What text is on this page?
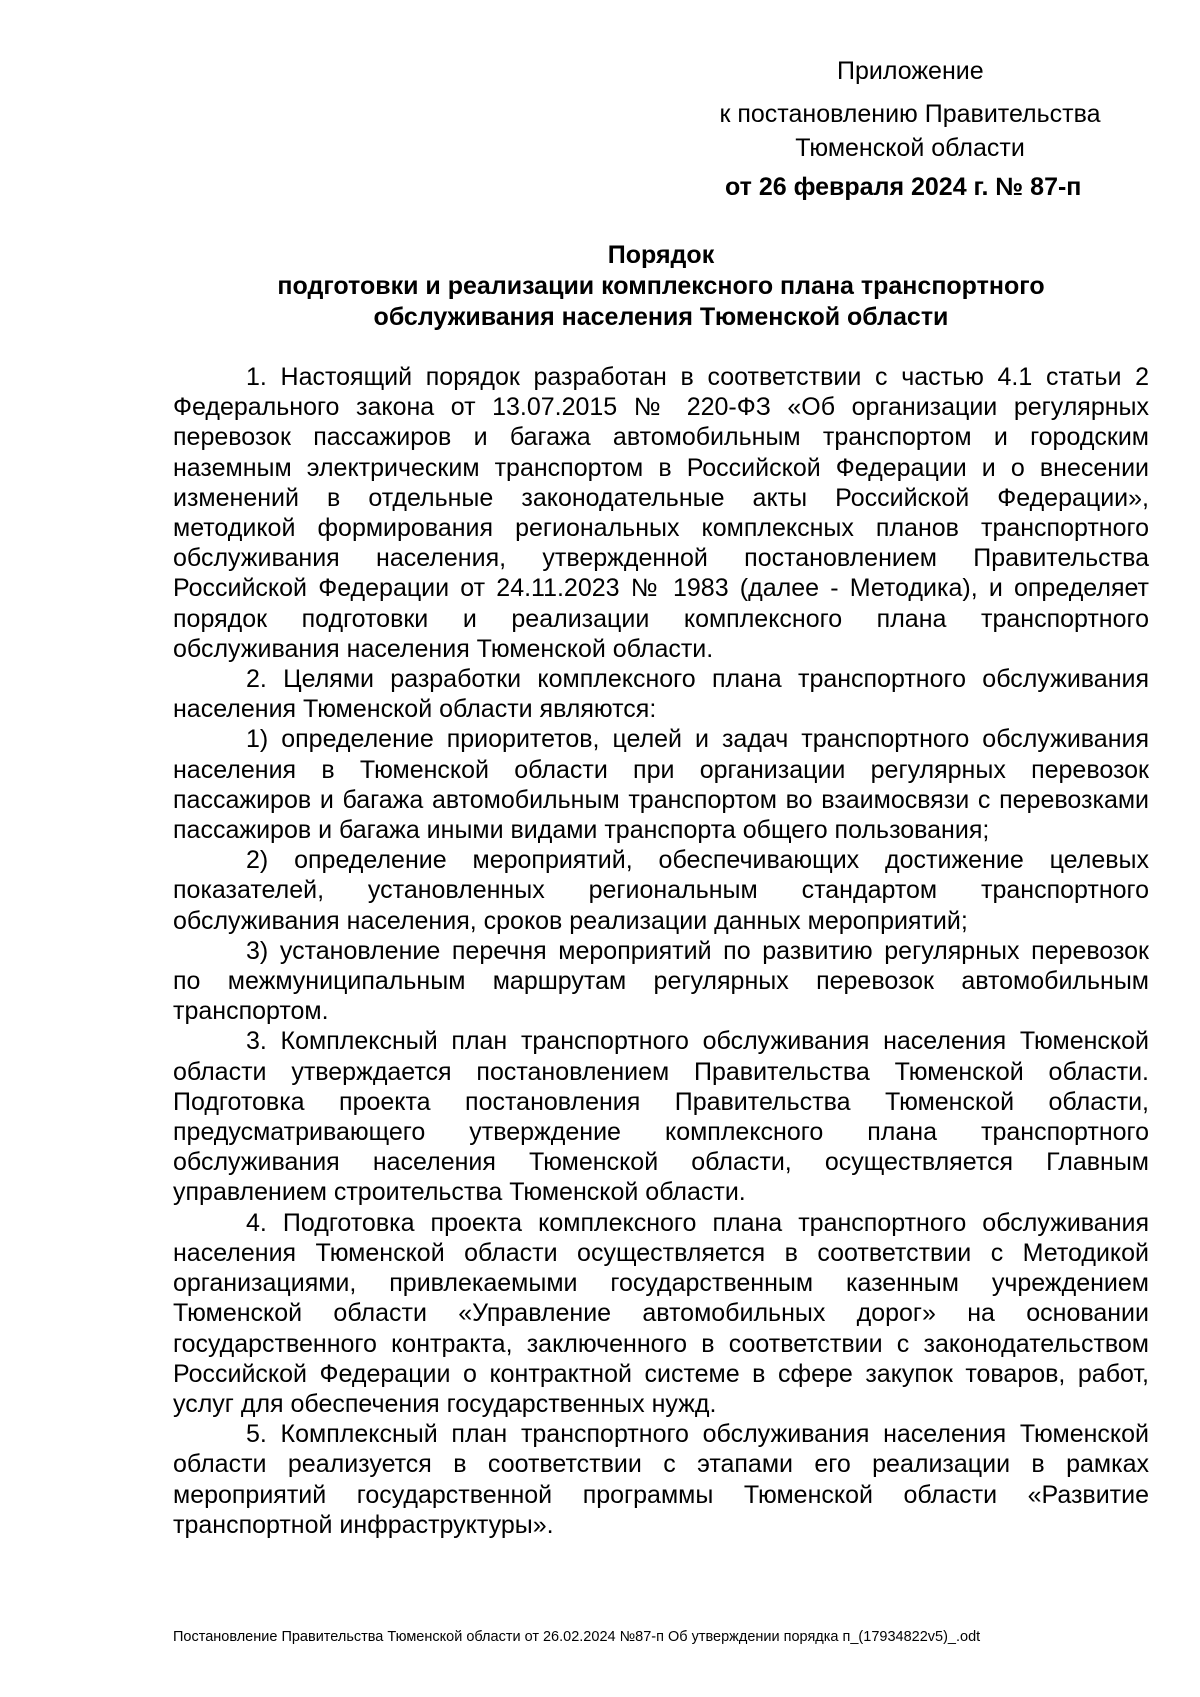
Приложение
к постановлению Правительства
Тюменской области
от 26 февраля 2024 г. № 87-п
Порядок
подготовки и реализации комплексного плана транспортного
обслуживания населения Тюменской области

1. Настоящий порядок разработан в соответствии с частью 4.1 статьи 2 Федерального закона от 13.07.2015 № 220-ФЗ «Об организации регулярных перевозок пассажиров и багажа автомобильным транспортом и городским наземным электрическим транспортом в Российской Федерации и о внесении изменений в отдельные законодательные акты Российской Федерации», методикой формирования региональных комплексных планов транспортного обслуживания населения, утвержденной постановлением Правительства Российской Федерации от 24.11.2023 № 1983 (далее - Методика), и определяет порядок подготовки и реализации комплексного плана транспортного обслуживания населения Тюменской области.

2. Целями разработки комплексного плана транспортного обслуживания населения Тюменской области являются:

1) определение приоритетов, целей и задач транспортного обслуживания населения в Тюменской области при организации регулярных перевозок пассажиров и багажа автомобильным транспортом во взаимосвязи с перевозками пассажиров и багажа иными видами транспорта общего пользования;

2) определение мероприятий, обеспечивающих достижение целевых показателей, установленных региональным стандартом транспортного обслуживания населения, сроков реализации данных мероприятий;

3) установление перечня мероприятий по развитию регулярных перевозок по межмуниципальным маршрутам регулярных перевозок автомобильным транспортом.

3. Комплексный план транспортного обслуживания населения Тюменской области утверждается постановлением Правительства Тюменской области. Подготовка проекта постановления Правительства Тюменской области, предусматривающего утверждение комплексного плана транспортного обслуживания населения Тюменской области, осуществляется Главным управлением строительства Тюменской области.

4. Подготовка проекта комплексного плана транспортного обслуживания населения Тюменской области осуществляется в соответствии с Методикой организациями, привлекаемыми государственным казенным учреждением Тюменской области «Управление автомобильных дорог» на основании государственного контракта, заключенного в соответствии с законодательством Российской Федерации о контрактной системе в сфере закупок товаров, работ, услуг для обеспечения государственных нужд.

5. Комплексный план транспортного обслуживания населения Тюменской области реализуется в соответствии с этапами его реализации в рамках мероприятий государственной программы Тюменской области «Развитие транспортной инфраструктуры».

Постановление Правительства Тюменской области от 26.02.2024 №87-п Об утверждении порядка п_(17934822v5)_.odt
